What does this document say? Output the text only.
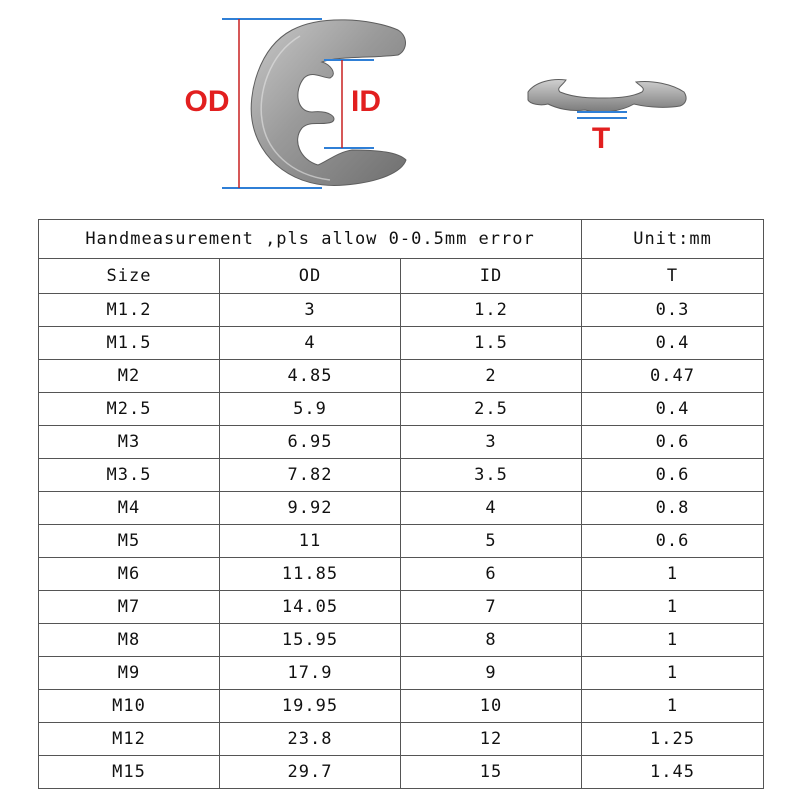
OD	ID
T
Handmeasurement ,pls allow 0-0.5mm error			Unit:mm
Size	OD	ID	T
M1.2	3	1.2	0.3
M1.5	4	1.5	0.4
M2	4.85	2	0.47
M2.5	5.9	2.5	0.4
M3	6.95	3	0.6
M3.5	7.82	3.5	0.6
M4	9.92	4	0.8
M5	11	5	0.6
M6	11.85	6	1
M7	14.05	7	1
M8	15.95	8	1
M9	17.9	9	1
M10	19.95	10	1
M12	23.8	12	1.25
M15	29.7	15	1.45
